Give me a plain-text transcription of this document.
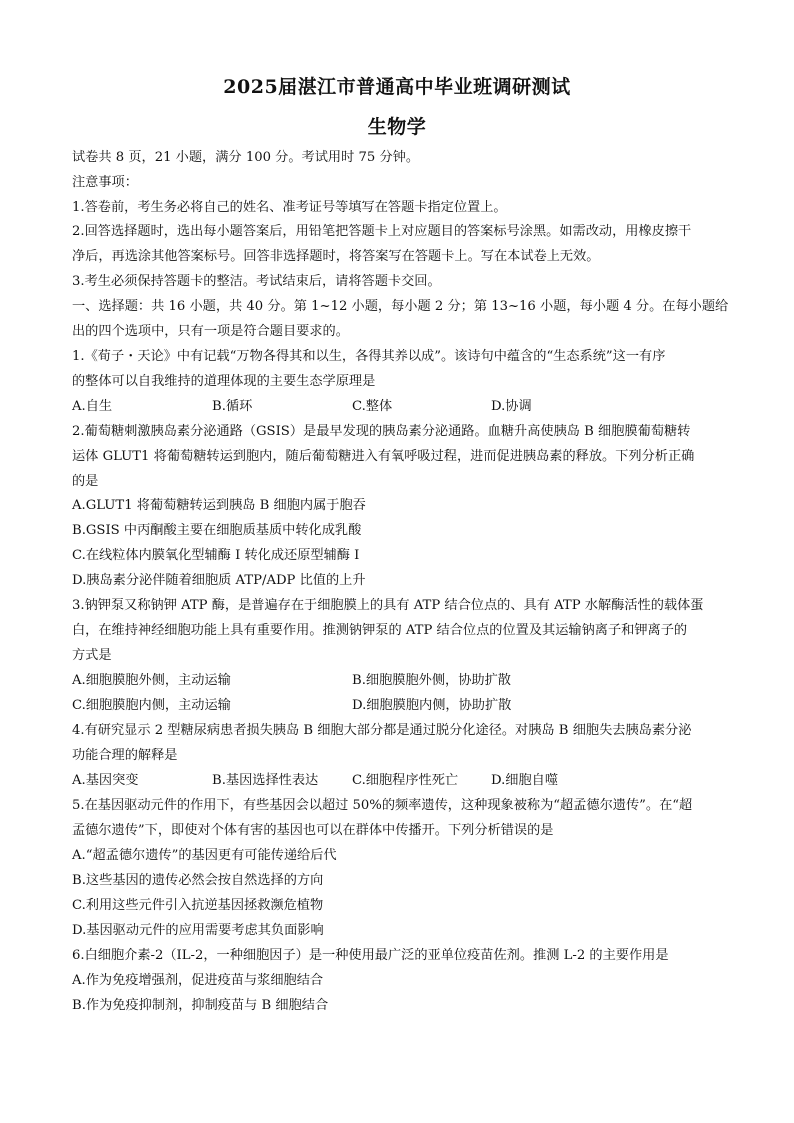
2025届湛江市普通高中毕业班调研测试
生物学
试卷共 8 页，21 小题，满分 100 分。考试用时 75 分钟。
注意事项：
1.答卷前，考生务必将自己的姓名、准考证号等填写在答题卡指定位置上。
2.回答选择题时，选出每小题答案后，用铅笔把答题卡上对应题目的答案标号涂黑。如需改动，用橡皮擦干
净后，再选涂其他答案标号。回答非选择题时，将答案写在答题卡上。写在本试卷上无效。
3.考生必须保持答题卡的整洁。考试结束后，请将答题卡交回。
一、选择题：共 16 小题，共 40 分。第 1~12 小题，每小题 2 分；第 13~16 小题，每小题 4 分。在每小题给
出的四个选项中，只有一项是符合题目要求的。
1.《荀子・天论》中有记载“万物各得其和以生，各得其养以成”。该诗句中蕴含的“生态系统”这一有序
的整体可以自我维持的道理体现的主要生态学原理是
A.自生	B.循环	C.整体	D.协调
2.葡萄糖刺激胰岛素分泌通路（GSIS）是最早发现的胰岛素分泌通路。血糖升高使胰岛 B 细胞膜葡萄糖转
运体 GLUT1 将葡萄糖转运到胞内，随后葡萄糖进入有氧呼吸过程，进而促进胰岛素的释放。下列分析正确
的是
A.GLUT1 将葡萄糖转运到胰岛 B 细胞内属于胞吞
B.GSIS 中丙酮酸主要在细胞质基质中转化成乳酸
C.在线粒体内膜氧化型辅酶 I 转化成还原型辅酶 I
D.胰岛素分泌伴随着细胞质 ATP/ADP 比值的上升
3.钠钾泵又称钠钾 ATP 酶，是普遍存在于细胞膜上的具有 ATP 结合位点的、具有 ATP 水解酶活性的载体蛋
白，在维持神经细胞功能上具有重要作用。推测钠钾泵的 ATP 结合位点的位置及其运输钠离子和钾离子的
方式是
A.细胞膜胞外侧，主动运输	B.细胞膜胞外侧，协助扩散
C.细胞膜胞内侧，主动运输	D.细胞膜胞内侧，协助扩散
4.有研究显示 2 型糖尿病患者损失胰岛 B 细胞大部分都是通过脱分化途径。对胰岛 B 细胞失去胰岛素分泌
功能合理的解释是
A.基因突变	B.基因选择性表达	C.细胞程序性死亡 D.细胞自噬
5.在基因驱动元件的作用下，有些基因会以超过 50%的频率遗传，这种现象被称为“超孟德尔遗传”。在“超
孟德尔遗传”下，即使对个体有害的基因也可以在群体中传播开。下列分析错误的是
A.“超孟德尔遗传”的基因更有可能传递给后代
B.这些基因的遗传必然会按自然选择的方向
C.利用这些元件引入抗逆基因拯救濒危植物
D.基因驱动元件的应用需要考虑其负面影响
6.白细胞介素-2（IL-2，一种细胞因子）是一种使用最广泛的亚单位疫苗佐剂。推测 L-2 的主要作用是
A.作为免疫增强剂，促进疫苗与浆细胞结合
B.作为免疫抑制剂，抑制疫苗与 B 细胞结合
